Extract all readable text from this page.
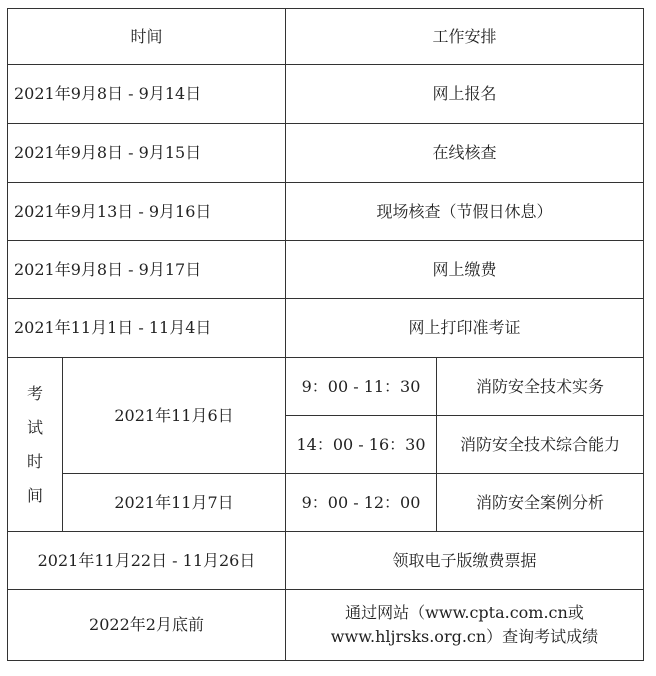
时间		工作安排	
2021年9月8日 - 9月14日		网上报名	
2021年9月8日 - 9月15日		在线核查	
2021年9月13日 - 9月16日		现场核查（节假日休息）	
2021年9月8日 - 9月17日		网上缴费	
2021年11月1日 - 11月4日		网上打印准考证	

考
试
时
间	2021年11月6日	9：00 - 11：30	消防安全技术实务
		14：00 - 16：30	消防安全技术综合能力
	2021年11月7日	9：00 - 12：00	消防安全案例分析
2021年11月22日 - 11月26日		领取电子版缴费票据	
2022年2月底前		通过网站（www.cpta.com.cn或
www.hljrsks.org.cn）查询考试成绩	
